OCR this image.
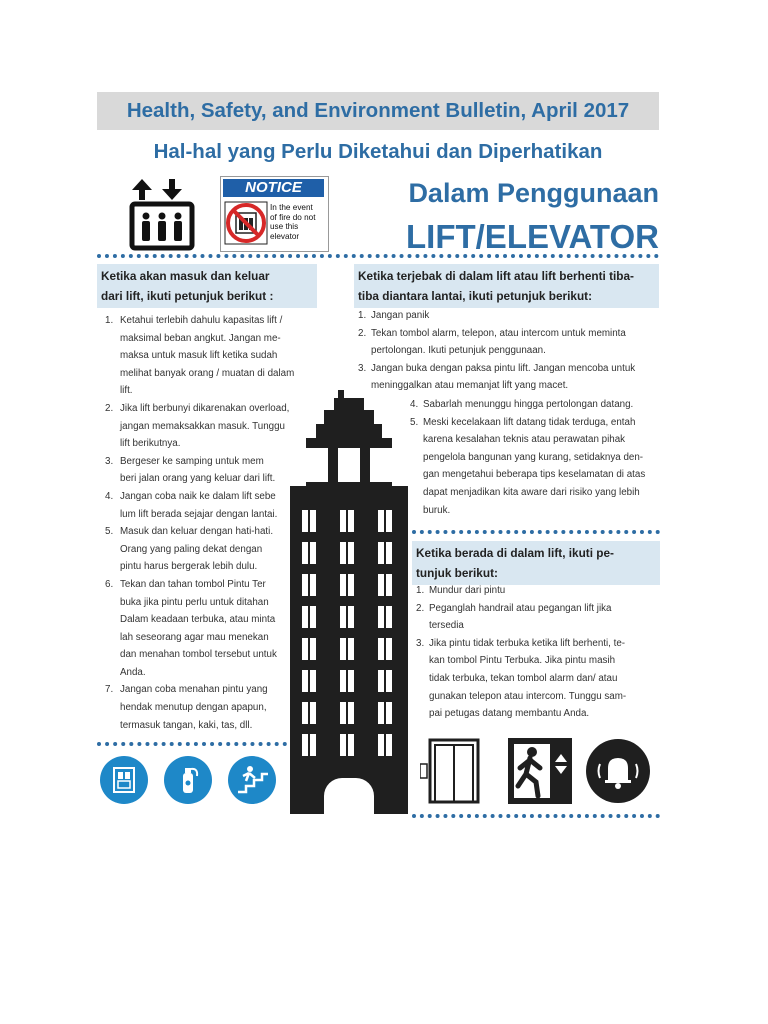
Health, Safety, and Environment Bulletin, April 2017
Hal-hal yang Perlu Diketahui dan Diperhatikan
NOTICE
In the event
of fire do not
use this
elevator
Dalam Penggunaan
LIFT/ELEVATOR
Ketika akan masuk dan keluar
dari lift, ikuti petunjuk berikut :
1. Ketahui terlebih dahulu kapasitas lift /
maksimal beban angkut. Jangan me-
maksa untuk masuk lift ketika sudah
melihat banyak orang / muatan di dalam
lift.
2. Jika lift berbunyi dikarenakan overload,
jangan memaksakkan masuk. Tunggu
lift berikutnya.
3. Bergeser ke samping untuk mem
beri jalan orang yang keluar dari lift.
4. Jangan coba naik ke dalam lift sebe
lum lift berada sejajar dengan lantai.
5. Masuk dan keluar dengan hati-hati.
Orang yang paling dekat dengan
pintu harus bergerak lebih dulu.
6. Tekan dan tahan tombol Pintu Ter
buka jika pintu perlu untuk ditahan
Dalam keadaan terbuka, atau minta
lah seseorang agar mau menekan
dan menahan tombol tersebut untuk
Anda.
7. Jangan coba menahan pintu yang
hendak menutup dengan apapun,
termasuk tangan, kaki, tas, dll.
Ketika terjebak di dalam lift atau lift berhenti tiba-
tiba diantara lantai, ikuti petunjuk berikut:
1. Jangan panik
2. Tekan tombol alarm, telepon, atau intercom untuk meminta
pertolongan. Ikuti petunjuk penggunaan.
3. Jangan buka dengan paksa pintu lift. Jangan mencoba untuk
meninggalkan atau memanjat lift yang macet.
4. Sabarlah menunggu hingga pertolongan datang.
5. Meski kecelakaan lift datang tidak terduga, entah
karena kesalahan teknis atau perawatan pihak
pengelola bangunan yang kurang, setidaknya den-
gan mengetahui beberapa tips keselamatan di atas
dapat menjadikan kita aware dari risiko yang lebih
buruk.
Ketika berada di dalam lift, ikuti pe-
tunjuk berikut:
1. Mundur dari pintu
2. Peganglah handrail atau pegangan lift jika
tersedia
3. Jika pintu tidak terbuka ketika lift berhenti, te-
kan tombol Pintu Terbuka. Jika pintu masih
tidak terbuka, tekan tombol alarm dan/ atau
gunakan telepon atau intercom. Tunggu sam-
pai petugas datang membantu Anda.
